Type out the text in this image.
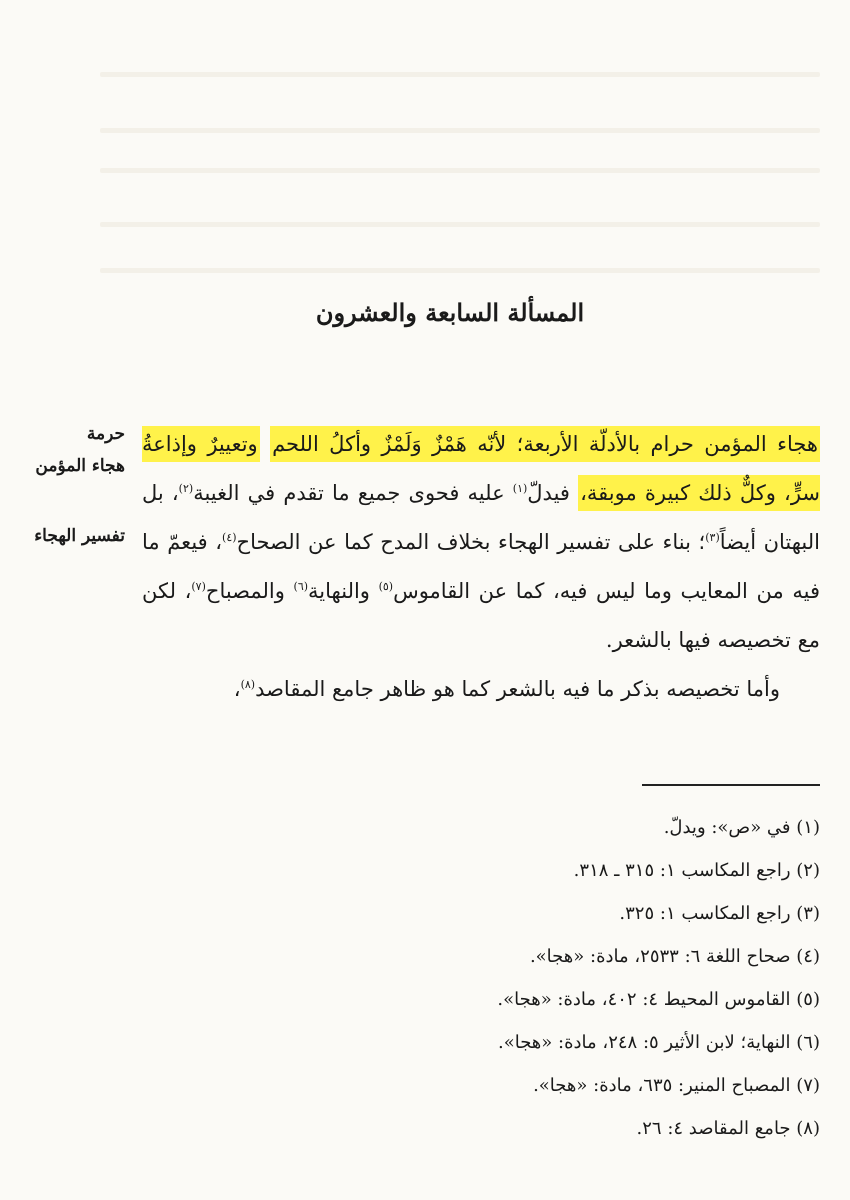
المسألة السابعة والعشرون
حرمة
هجاء المؤمن
تفسير الهجاء

هجاء المؤمن حرام بالأدلّة الأربعة؛ لأنّه هَمْزٌ وَلَمْزٌ وأكلُ اللحم وتعييرٌ وإذاعةُ سرٍّ، وكلٌّ ذلك كبيرة موبقة، فيدلّ$^{(١)}$ عليه فحوى جميع ما تقدم في الغيبة$^{(٢)}$، بل البهتان أيضاً$^{(٣)}$؛ بناء على تفسير الهجاء بخلاف المدح كما عن الصحاح$^{(٤)}$، فيعمّ ما فيه من المعايب وما ليس فيه، كما عن القاموس$^{(٥)}$ والنهاية$^{(٦)}$ والمصباح$^{(٧)}$، لكن مع تخصيصه فيها بالشعر.

وأما تخصيصه بذكر ما فيه بالشعر كما هو ظاهر جامع المقاصد$^{(٨)}$،

(١) في «ص»: ويدلّ.
(٢) راجع المكاسب ١: ٣١٥ ـ ٣١٨.
(٣) راجع المكاسب ١: ٣٢٥.
(٤) صحاح اللغة ٦: ٢٥٣٣، مادة: «هجا».
(٥) القاموس المحيط ٤: ٤٠٢، مادة: «هجا».
(٦) النهاية؛ لابن الأثير ٥: ٢٤٨، مادة: «هجا».
(٧) المصباح المنير: ٦٣٥، مادة: «هجا».
(٨) جامع المقاصد ٤: ٢٦.
